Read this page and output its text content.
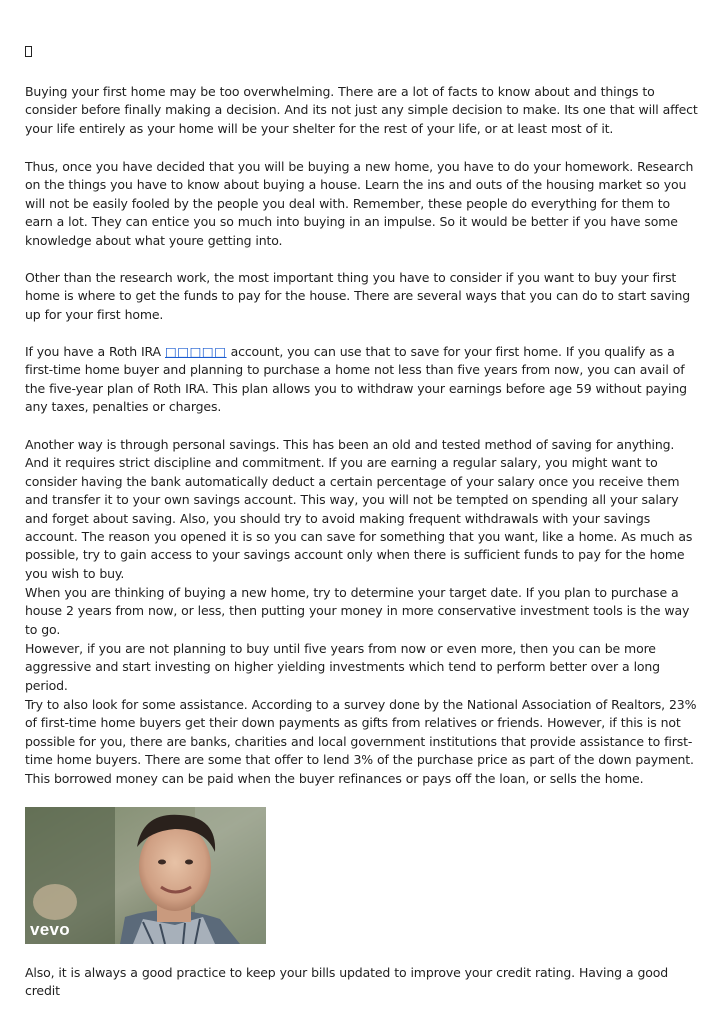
Buying your first home may be too overwhelming. There are a lot of facts to know about and things to consider before finally making a decision. And its not just any simple decision to make. Its one that will affect your life entirely as your home will be your shelter for the rest of your life, or at least most of it.

Thus, once you have decided that you will be buying a new home, you have to do your homework. Research on the things you have to know about buying a house. Learn the ins and outs of the housing market so you will not be easily fooled by the people you deal with. Remember, these people do everything for them to earn a lot. They can entice you so much into buying in an impulse. So it would be better if you have some knowledge about what youre getting into.

Other than the research work, the most important thing you have to consider if you want to buy your first home is where to get the funds to pay for the house. There are several ways that you can do to start saving up for your first home.

If you have a Roth IRA □□□□□ account, you can use that to save for your first home. If you qualify as a first-time home buyer and planning to purchase a home not less than five years from now, you can avail of the five-year plan of Roth IRA. This plan allows you to withdraw your earnings before age 59 without paying any taxes, penalties or charges.

Another way is through personal savings. This has been an old and tested method of saving for anything. And it requires strict discipline and commitment. If you are earning a regular salary, you might want to consider having the bank automatically deduct a certain percentage of your salary once you receive them and transfer it to your own savings account. This way, you will not be tempted on spending all your salary and forget about saving. Also, you should try to avoid making frequent withdrawals with your savings account. The reason you opened it is so you can save for something that you want, like a home. As much as possible, try to gain access to your savings account only when there is sufficient funds to pay for the home you wish to buy.

When you are thinking of buying a new home, try to determine your target date. If you plan to purchase a house 2 years from now, or less, then putting your money in more conservative investment tools is the way to go.

However, if you are not planning to buy until five years from now or even more, then you can be more aggressive and start investing on higher yielding investments which tend to perform better over a long period.

Try to also look for some assistance. According to a survey done by the National Association of Realtors, 23% of first-time home buyers get their down payments as gifts from relatives or friends. However, if this is not possible for you, there are banks, charities and local government institutions that provide assistance to first-time home buyers. There are some that offer to lend 3% of the purchase price as part of the down payment. This borrowed money can be paid when the buyer refinances or pays off the loan, or sells the home.

vevo

Also, it is always a good practice to keep your bills updated to improve your credit rating. Having a good credit
